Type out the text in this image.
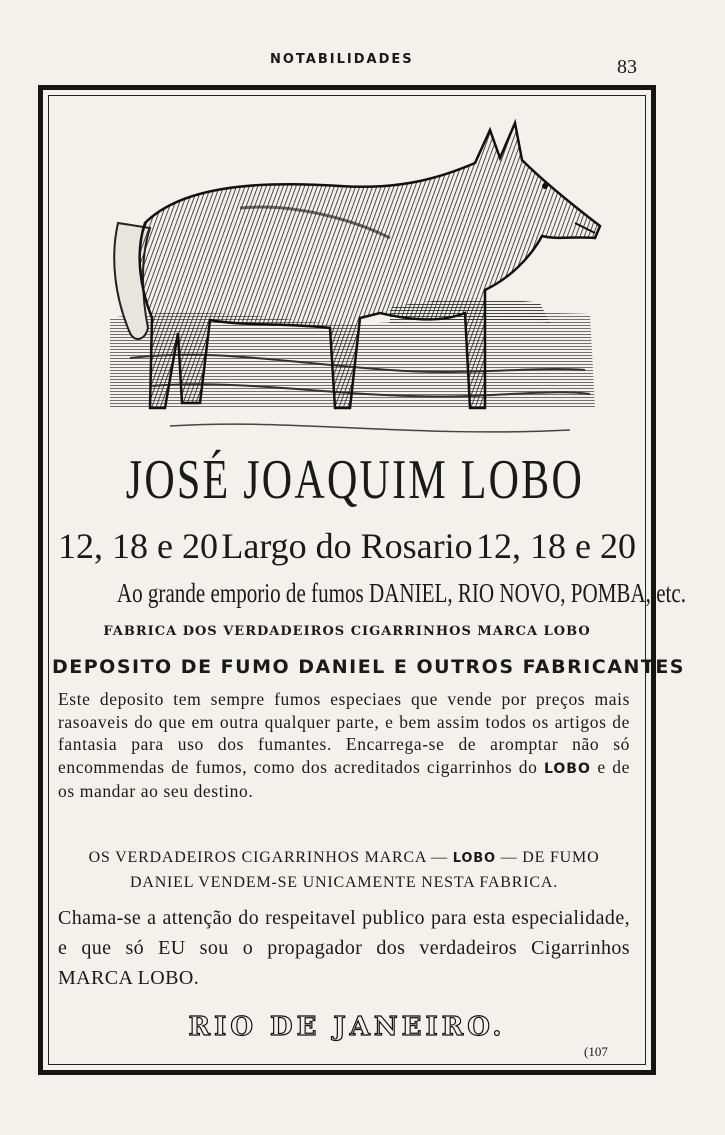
NOTABILIDADES	83
JOSÉ JOAQUIM LOBO
12, 18 e 20 Largo do Rosario 12, 18 e 20
Ao grande emporio de fumos DANIEL, RIO NOVO, POMBA, etc.
FABRICA DOS VERDADEIROS CIGARRINHOS MARCA LOBO
DEPOSITO DE FUMO DANIEL E OUTROS FABRICANTES
Este deposito tem sempre fumos especiaes que vende por preços mais rasoaveis do que em outra qualquer parte, e bem assim todos os artigos de fantasia para uso dos fumantes. Encarrega-se de aromptar não só encommendas de fumos, como dos acreditados cigarrinhos do LOBO e de os mandar ao seu destino.
OS VERDADEIROS CIGARRINHOS MARCA — LOBO — DE FUMO DANIEL VENDEM-SE UNICAMENTE NESTA FABRICA.
Chama-se a attenção do respeitavel publico para esta especialidade, e que só EU sou o propagador dos verdadeiros Cigarrinhos MARCA LOBO.
RIO DE JANEIRO.
(107
